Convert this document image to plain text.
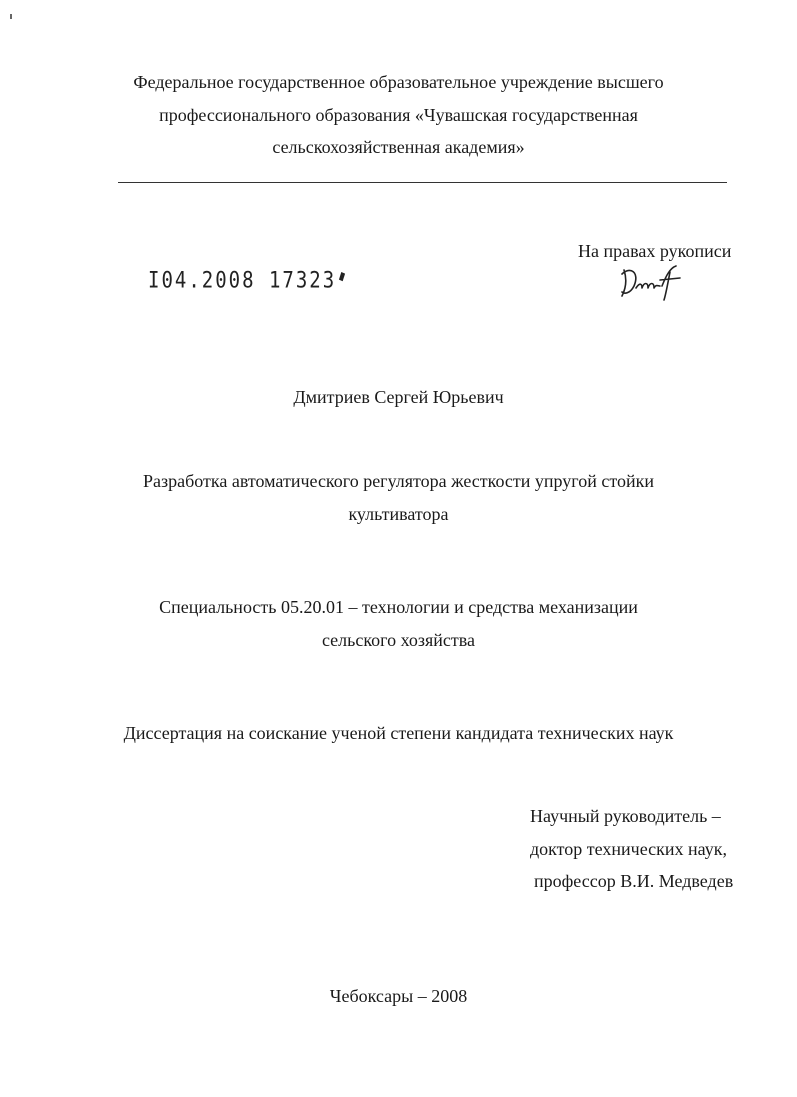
Федеральное государственное образовательное учреждение высшего
профессионального образования «Чувашская государственная
сельскохозяйственная академия»
На правах рукописи
I04.2008 17323
Дмитриев Сергей Юрьевич
Разработка автоматического регулятора жесткости упругой стойки
культиватора
Специальность 05.20.01 – технологии и средства механизации
сельского хозяйства
Диссертация на соискание ученой степени кандидата технических наук
Научный руководитель –
доктор технических наук,
профессор В.И. Медведев
Чебоксары – 2008
